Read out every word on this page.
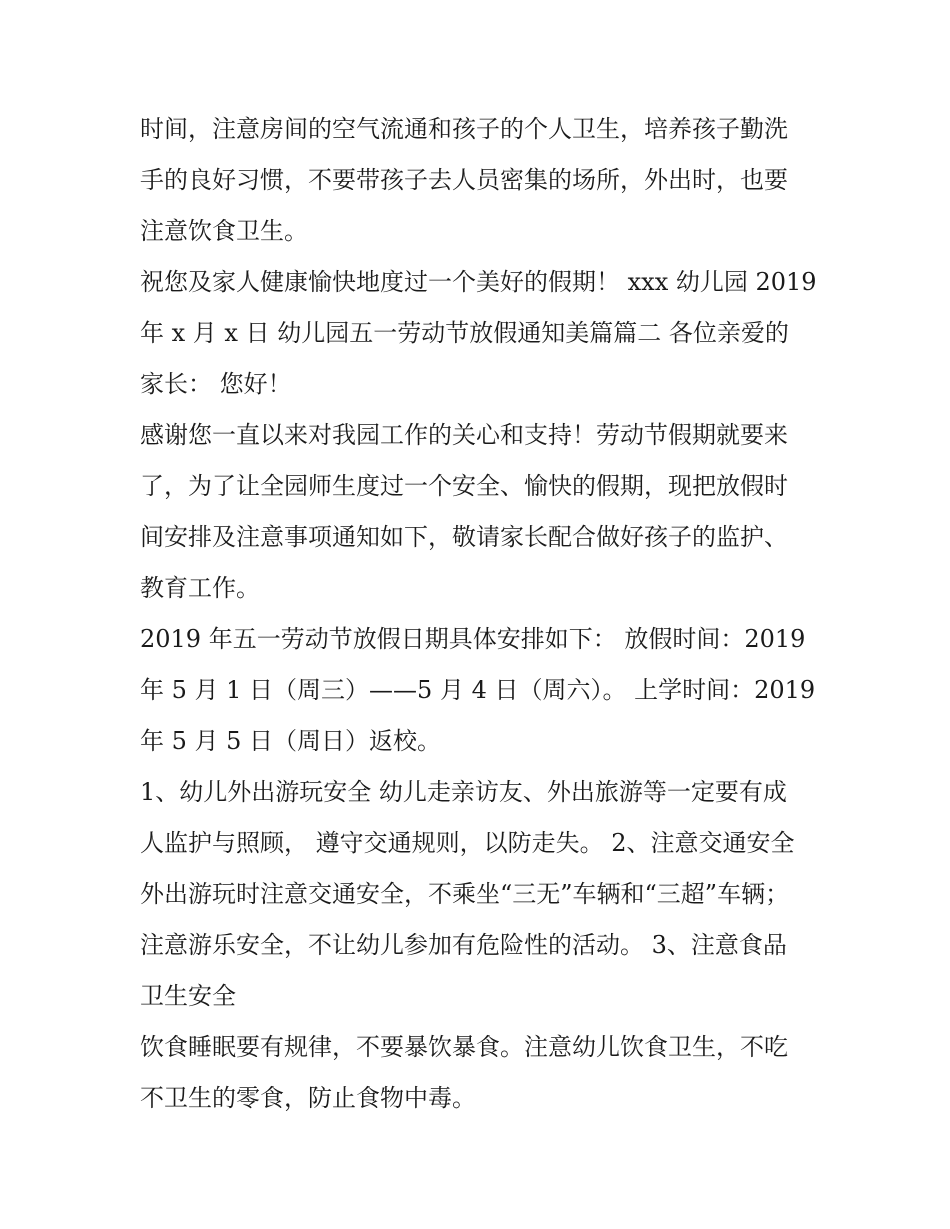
时间，注意房间的空气流通和孩子的个人卫生，培养孩子勤洗
手的良好习惯，不要带孩子去人员密集的场所，外出时，也要
注意饮食卫生。
祝您及家人健康愉快地度过一个美好的假期！ xxx 幼儿园 2019
年 x 月 x 日 幼儿园五一劳动节放假通知美篇篇二 各位亲爱的
家长： 您好！
感谢您一直以来对我园工作的关心和支持！劳动节假期就要来
了，为了让全园师生度过一个安全、愉快的假期，现把放假时
间安排及注意事项通知如下，敬请家长配合做好孩子的监护、
教育工作。
2019 年五一劳动节放假日期具体安排如下： 放假时间：2019
年 5 月 1 日（周三）——5 月 4 日（周六）。 上学时间：2019
年 5 月 5 日（周日）返校。
1、幼儿外出游玩安全 幼儿走亲访友、外出旅游等一定要有成
人监护与照顾， 遵守交通规则，以防走失。 2、注意交通安全
外出游玩时注意交通安全，不乘坐“三无”车辆和“三超”车辆；
注意游乐安全，不让幼儿参加有危险性的活动。 3、注意食品
卫生安全
饮食睡眠要有规律，不要暴饮暴食。注意幼儿饮食卫生，不吃
不卫生的零食，防止食物中毒。
